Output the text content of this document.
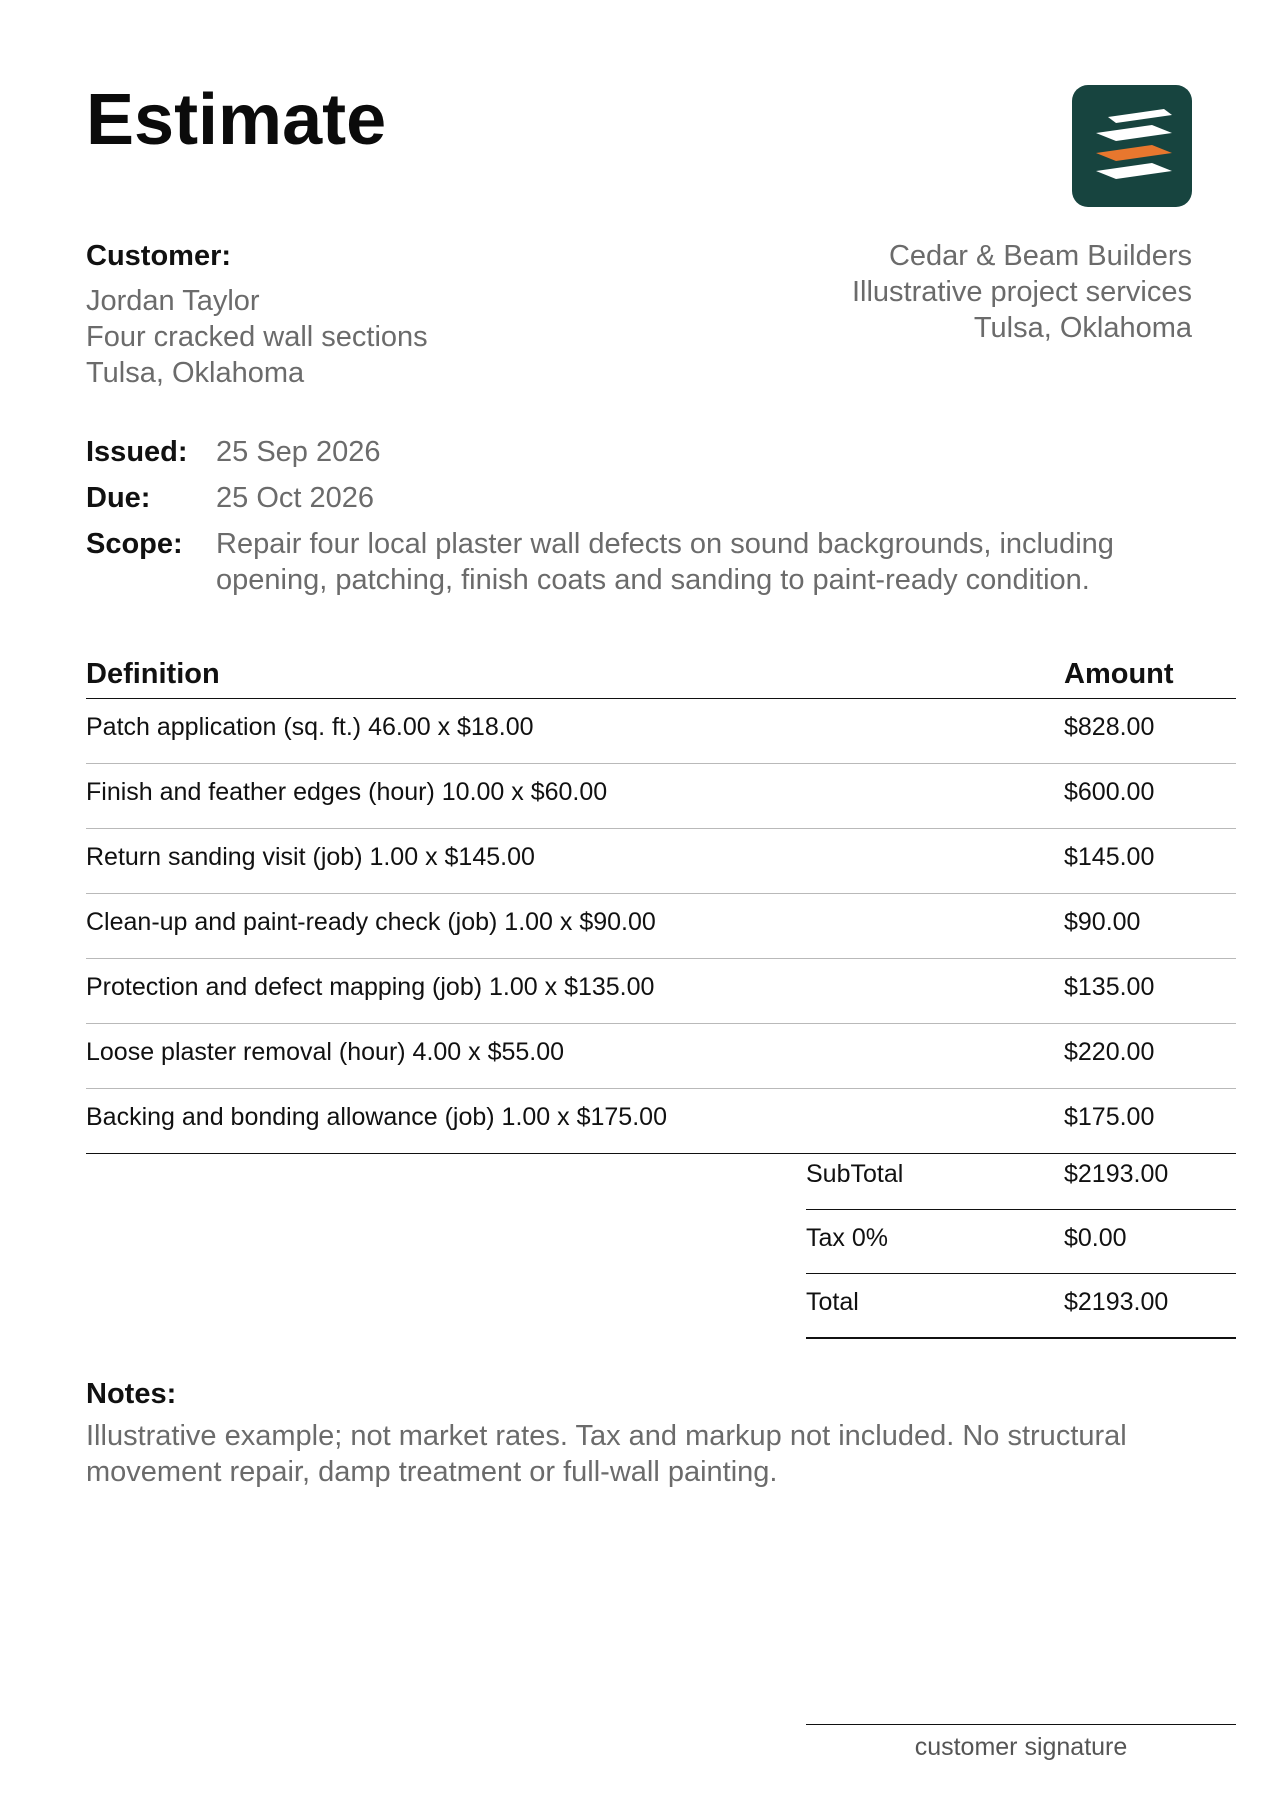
Estimate
Customer:
Jordan Taylor
Four cracked wall sections
Tulsa, Oklahoma
Cedar & Beam Builders
Illustrative project services
Tulsa, Oklahoma
Issued: 25 Sep 2026
Due:	25 Oct 2026
Scope:	Repair four local plaster wall defects on sound backgrounds, including opening, patching, finish coats and sanding to paint-ready condition.
Definition	Amount
Patch application (sq. ft.) 46.00 x $18.00	$828.00
Finish and feather edges (hour) 10.00 x $60.00	$600.00
Return sanding visit (job) 1.00 x $145.00	$145.00
Clean-up and paint-ready check (job) 1.00 x $90.00	$90.00
Protection and defect mapping (job) 1.00 x $135.00	$135.00
Loose plaster removal (hour) 4.00 x $55.00	$220.00
Backing and bonding allowance (job) 1.00 x $175.00	$175.00
SubTotal	$2193.00
Tax 0%	$0.00
Total	$2193.00
Notes:
Illustrative example; not market rates. Tax and markup not included. No structural movement repair, damp treatment or full-wall painting.
customer signature
